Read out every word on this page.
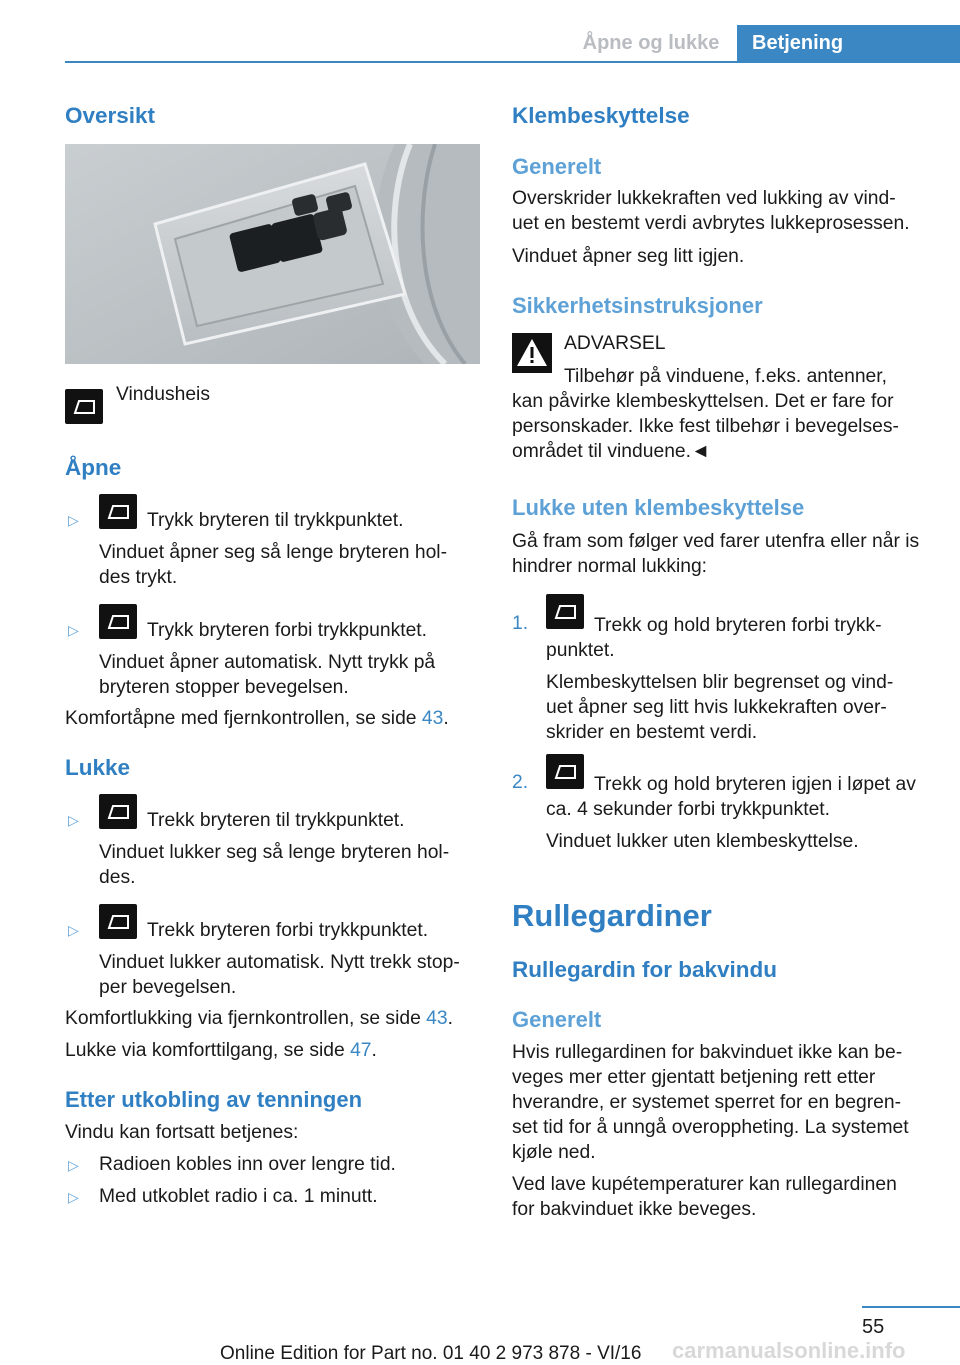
Åpne og lukke	Betjening
Oversikt
Vindusheis
Åpne
▷	Trykk bryteren til trykkpunktet.
Vinduet åpner seg så lenge bryteren hol-
des trykt.
▷	Trykk bryteren forbi trykkpunktet.
Vinduet åpner automatisk. Nytt trykk på
bryteren stopper bevegelsen.
Komfortåpne med fjernkontrollen, se side 43.
Lukke
▷	Trekk bryteren til trykkpunktet.
Vinduet lukker seg så lenge bryteren hol-
des.
▷	Trekk bryteren forbi trykkpunktet.
Vinduet lukker automatisk. Nytt trekk stop-
per bevegelsen.
Komfortlukking via fjernkontrollen, se side 43.
Lukke via komforttilgang, se side 47.
Etter utkobling av tenningen
Vindu kan fortsatt betjenes:
▷ Radioen kobles inn over lengre tid.
▷ Med utkoblet radio i ca. 1 minutt.
Klembeskyttelse
Generelt
Overskrider lukkekraften ved lukking av vind-
uet en bestemt verdi avbrytes lukkeprosessen.
Vinduet åpner seg litt igjen.
Sikkerhetsinstruksjoner
ADVARSEL
Tilbehør på vinduene, f.eks. antenner,
kan påvirke klembeskyttelsen. Det er fare for
personskader. Ikke fest tilbehør i bevegelses-
området til vinduene.◄
Lukke uten klembeskyttelse
Gå fram som følger ved farer utenfra eller når is
hindrer normal lukking:
1.	Trekk og hold bryteren forbi trykk-
punktet.
Klembeskyttelsen blir begrenset og vind-
uet åpner seg litt hvis lukkekraften over-
skrider en bestemt verdi.
2.	Trekk og hold bryteren igjen i løpet av
ca. 4 sekunder forbi trykkpunktet.
Vinduet lukker uten klembeskyttelse.
Rullegardiner
Rullegardin for bakvindu
Generelt
Hvis rullegardinen for bakvinduet ikke kan be-
veges mer etter gjentatt betjening rett etter
hverandre, er systemet sperret for en begren-
set tid for å unngå overoppheting. La systemet
kjøle ned.
Ved lave kupétemperaturer kan rullegardinen
for bakvinduet ikke beveges.
55
Online Edition for Part no. 01 40 2 973 878 - VI/16 carmanualsonline.info
